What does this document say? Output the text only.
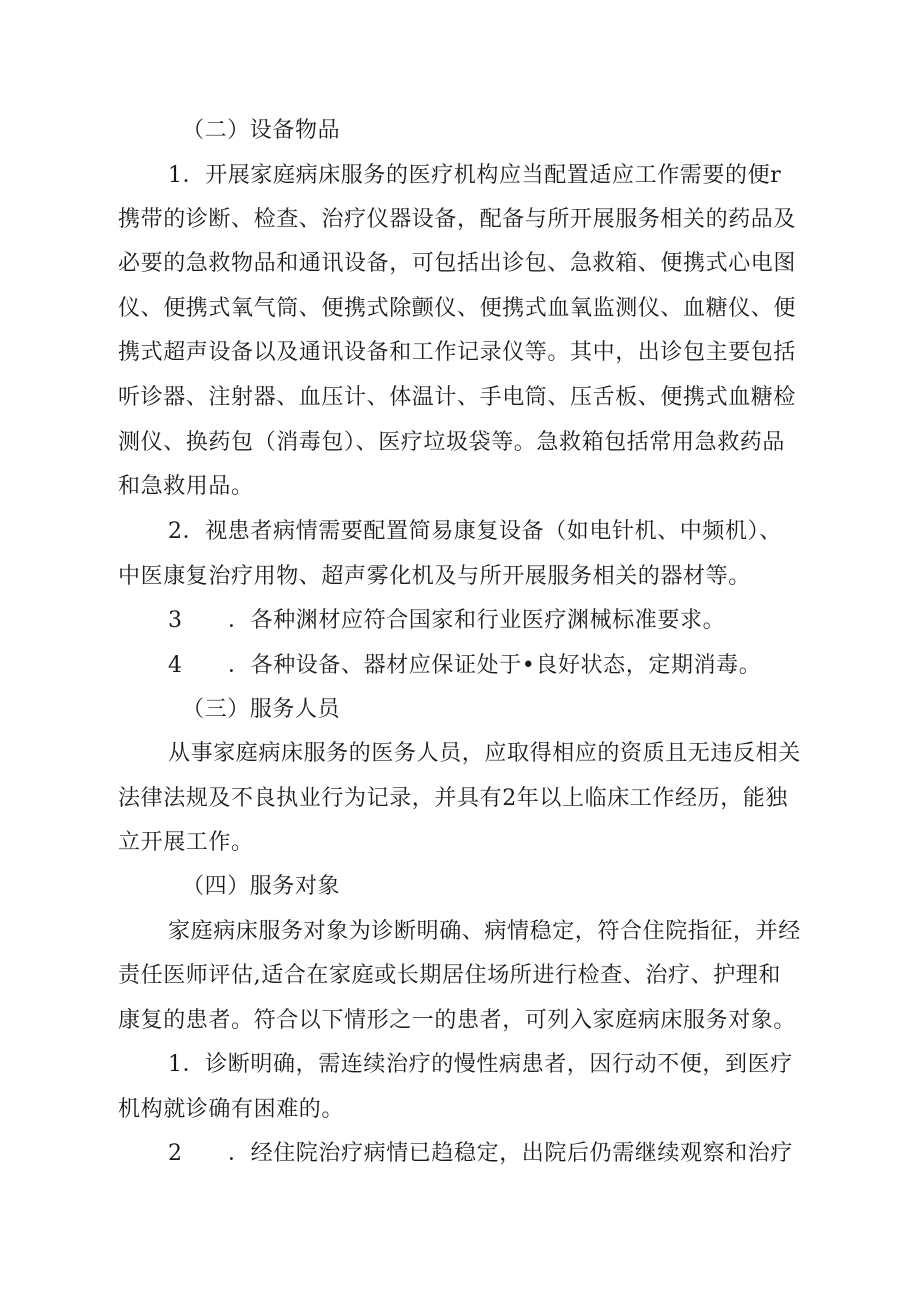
（二）设备物品
1．开展家庭病床服务的医疗机构应当配置适应工作需要的便r
携带的诊断、检查、治疗仪器设备，配备与所开展服务相关的药品及
必要的急救物品和通讯设备，可包括出诊包、急救箱、便携式心电图
仪、便携式氧气筒、便携式除颤仪、便携式血氧监测仪、血糖仪、便
携式超声设备以及通讯设备和工作记录仪等。其中，出诊包主要包括
听诊器、注射器、血压计、体温计、手电筒、压舌板、便携式血糖检
测仪、换药包（消毒包）、医疗垃圾袋等。急救箱包括常用急救药品
和急救用品。
2．视患者病情需要配置简易康复设备（如电针机、中频机）、
中医康复治疗用物、超声雾化机及与所开展服务相关的器材等。
3 ．各种渊材应符合国家和行业医疗渊械标准要求。
4 ．各种设备、器材应保证处于•良好状态，定期消毒。
（三）服务人员
从事家庭病床服务的医务人员，应取得相应的资质且无违反相关
法律法规及不良执业行为记录，并具有2年以上临床工作经历，能独
立开展工作。
（四）服务对象
家庭病床服务对象为诊断明确、病情稳定，符合住院指征，并经
责任医师评估,适合在家庭或长期居住场所进行检查、治疗、护理和
康复的患者。符合以下情形之一的患者，可列入家庭病床服务对象。
1．诊断明确，需连续治疗的慢性病患者，因行动不便，到医疗
机构就诊确有困难的。
2 ．经住院治疗病情已趋稳定，出院后仍需继续观察和治疗
